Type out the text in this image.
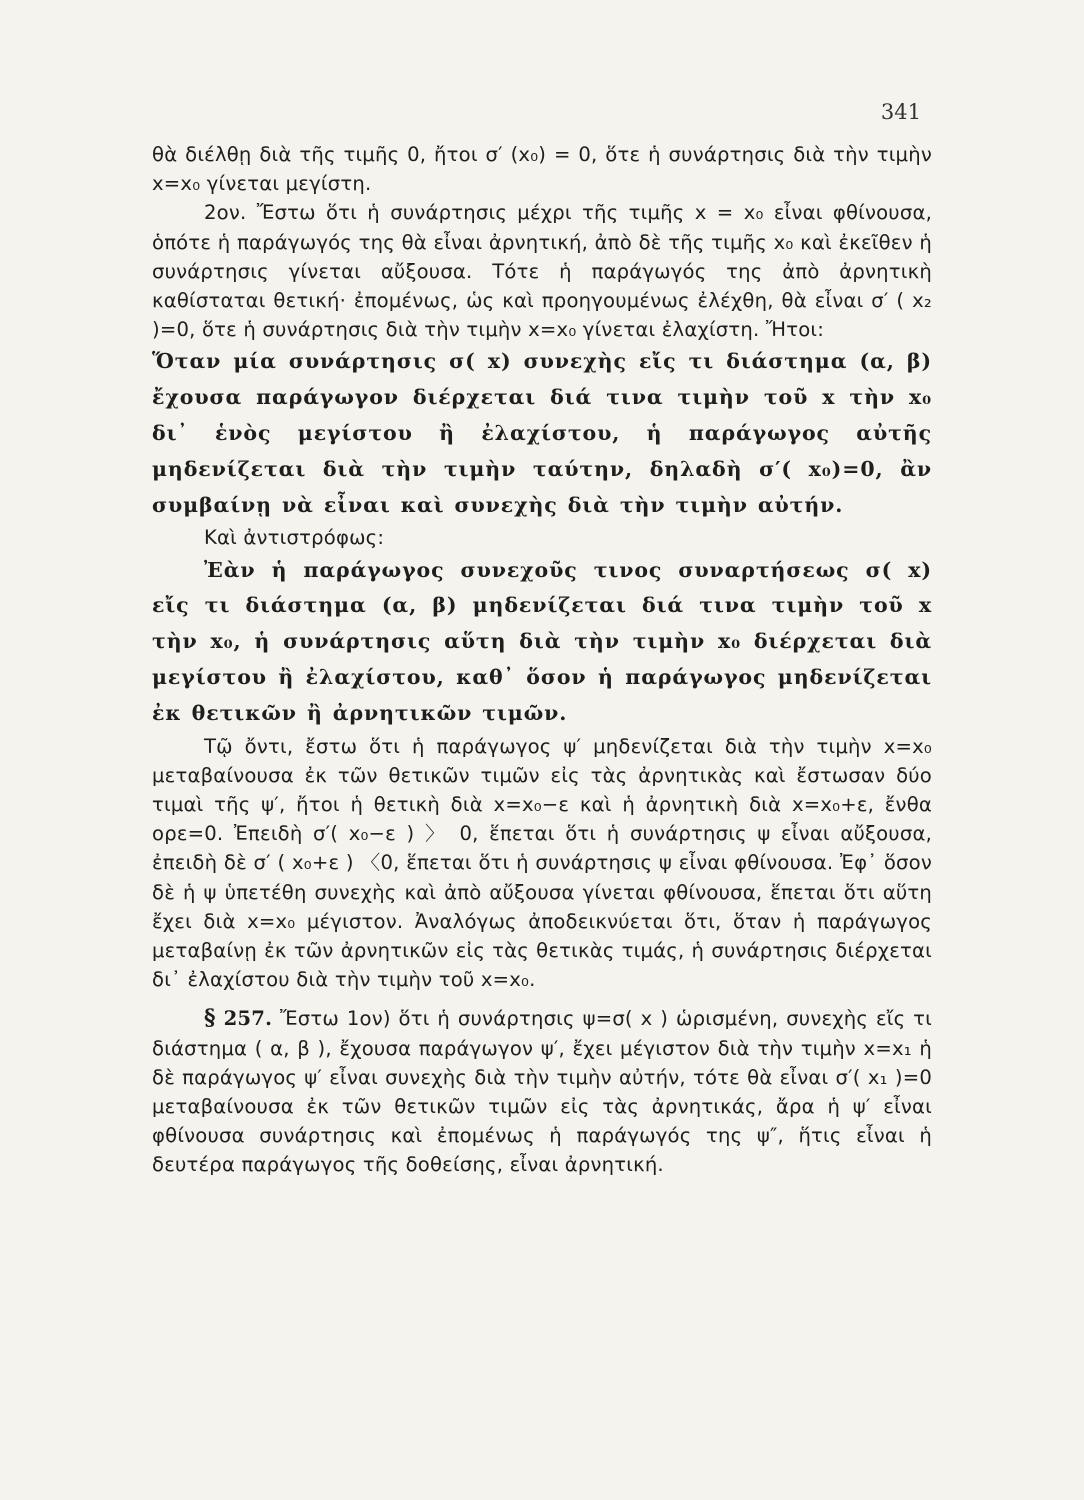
341

θὰ διέλθῃ διὰ τῆς τιμῆς 0, ἤτοι σ′ (x₀) = 0, ὅτε ἡ συνάρτησις διὰ τὴν τιμὴν x=x₀ γίνεται μεγίστη.

2ον. Ἔστω ὅτι ἡ συνάρτησις μέχρι τῆς τιμῆς x = x₀ εἶναι φθίνουσα, ὁπότε ἡ παράγωγός της θὰ εἶναι ἀρνητική, ἀπὸ δὲ τῆς τιμῆς x₀ καὶ ἐκεῖθεν ἡ συνάρτησις γίνεται αὔξουσα. Τότε ἡ παράγωγός της ἀπὸ ἀρνητικὴ καθίσταται θετική· ἐπομένως, ὡς καὶ προηγουμένως ἐλέχθη, θὰ εἶναι σ′ ( x₂ )=0, ὅτε ἡ συνάρτησις διὰ τὴν τιμὴν x=x₀ γίνεται ἐλαχίστη. Ἤτοι:

Ὅταν μία συνάρτησις σ( x) συνεχὴς εἴς τι διάστημα (α, β) ἔχουσα παράγωγον διέρχεται διά τινα τιμὴν τοῦ x τὴν x₀ δι᾽ ἑνὸς μεγίστου ἢ ἐλαχίστου, ἡ παράγωγος αὐτῆς μηδενίζεται διὰ τὴν τιμὴν ταύτην, δηλαδὴ σ′( x₀)=0, ἂν συμβαίνῃ νὰ εἶναι καὶ συνεχὴς διὰ τὴν τιμὴν αὐτήν.

Καὶ ἀντιστρόφως:

Ἐὰν ἡ παράγωγος συνεχοῦς τινος συναρτήσεως σ( x) εἴς τι διάστημα (α, β) μηδενίζεται διά τινα τιμὴν τοῦ x τὴν x₀, ἡ συνάρτησις αὕτη διὰ τὴν τιμὴν x₀ διέρχεται διὰ μεγίστου ἢ ἐλαχίστου, καθ᾽ ὅσον ἡ παράγωγος μηδενίζεται ἐκ θετικῶν ἢ ἀρνητικῶν τιμῶν.

Τῷ ὄντι, ἔστω ὅτι ἡ παράγωγος ψ′ μηδενίζεται διὰ τὴν τιμὴν x=x₀ μεταβαίνουσα ἐκ τῶν θετικῶν τιμῶν εἰς τὰς ἀρνητικὰς καὶ ἔστωσαν δύο τιμαὶ τῆς ψ′, ἤτοι ἡ θετικὴ διὰ x=x₀−ε καὶ ἡ ἀρνητικὴ διὰ x=x₀+ε, ἔνθα ορε=0. Ἐπειδὴ σ′( x₀−ε ) 〉 0, ἕπεται ὅτι ἡ συνάρτησις ψ εἶναι αὔξουσα, ἐπειδὴ δὲ σ′ ( x₀+ε ) 〈0, ἕπεται ὅτι ἡ συνάρτησις ψ εἶναι φθίνουσα. Ἐφ᾽ ὅσον δὲ ἡ ψ ὑπετέθη συνεχὴς καὶ ἀπὸ αὔξουσα γίνεται φθίνουσα, ἕπεται ὅτι αὕτη ἔχει διὰ x=x₀ μέγιστον. Ἀναλόγως ἀποδεικνύεται ὅτι, ὅταν ἡ παράγωγος μεταβαίνῃ ἐκ τῶν ἀρνητικῶν εἰς τὰς θετικὰς τιμάς, ἡ συνάρτησις διέρχεται δι᾽ ἐλαχίστου διὰ τὴν τιμὴν τοῦ x=x₀.

§ 257. Ἔστω 1ον) ὅτι ἡ συνάρτησις ψ=σ( x ) ὡρισμένη, συνεχὴς εἴς τι διάστημα ( α, β ), ἔχουσα παράγωγον ψ′, ἔχει μέγιστον διὰ τὴν τιμὴν x=x₁ ἡ δὲ παράγωγος ψ′ εἶναι συνεχὴς διὰ τὴν τιμὴν αὐτήν, τότε θὰ εἶναι σ′( x₁ )=0 μεταβαίνουσα ἐκ τῶν θετικῶν τιμῶν εἰς τὰς ἀρνητικάς, ἄρα ἡ ψ′ εἶναι φθίνουσα συνάρτησις καὶ ἐπομένως ἡ παράγωγός της ψ″, ἥτις εἶναι ἡ δευτέρα παράγωγος τῆς δοθείσης, εἶναι ἀρνητική.
